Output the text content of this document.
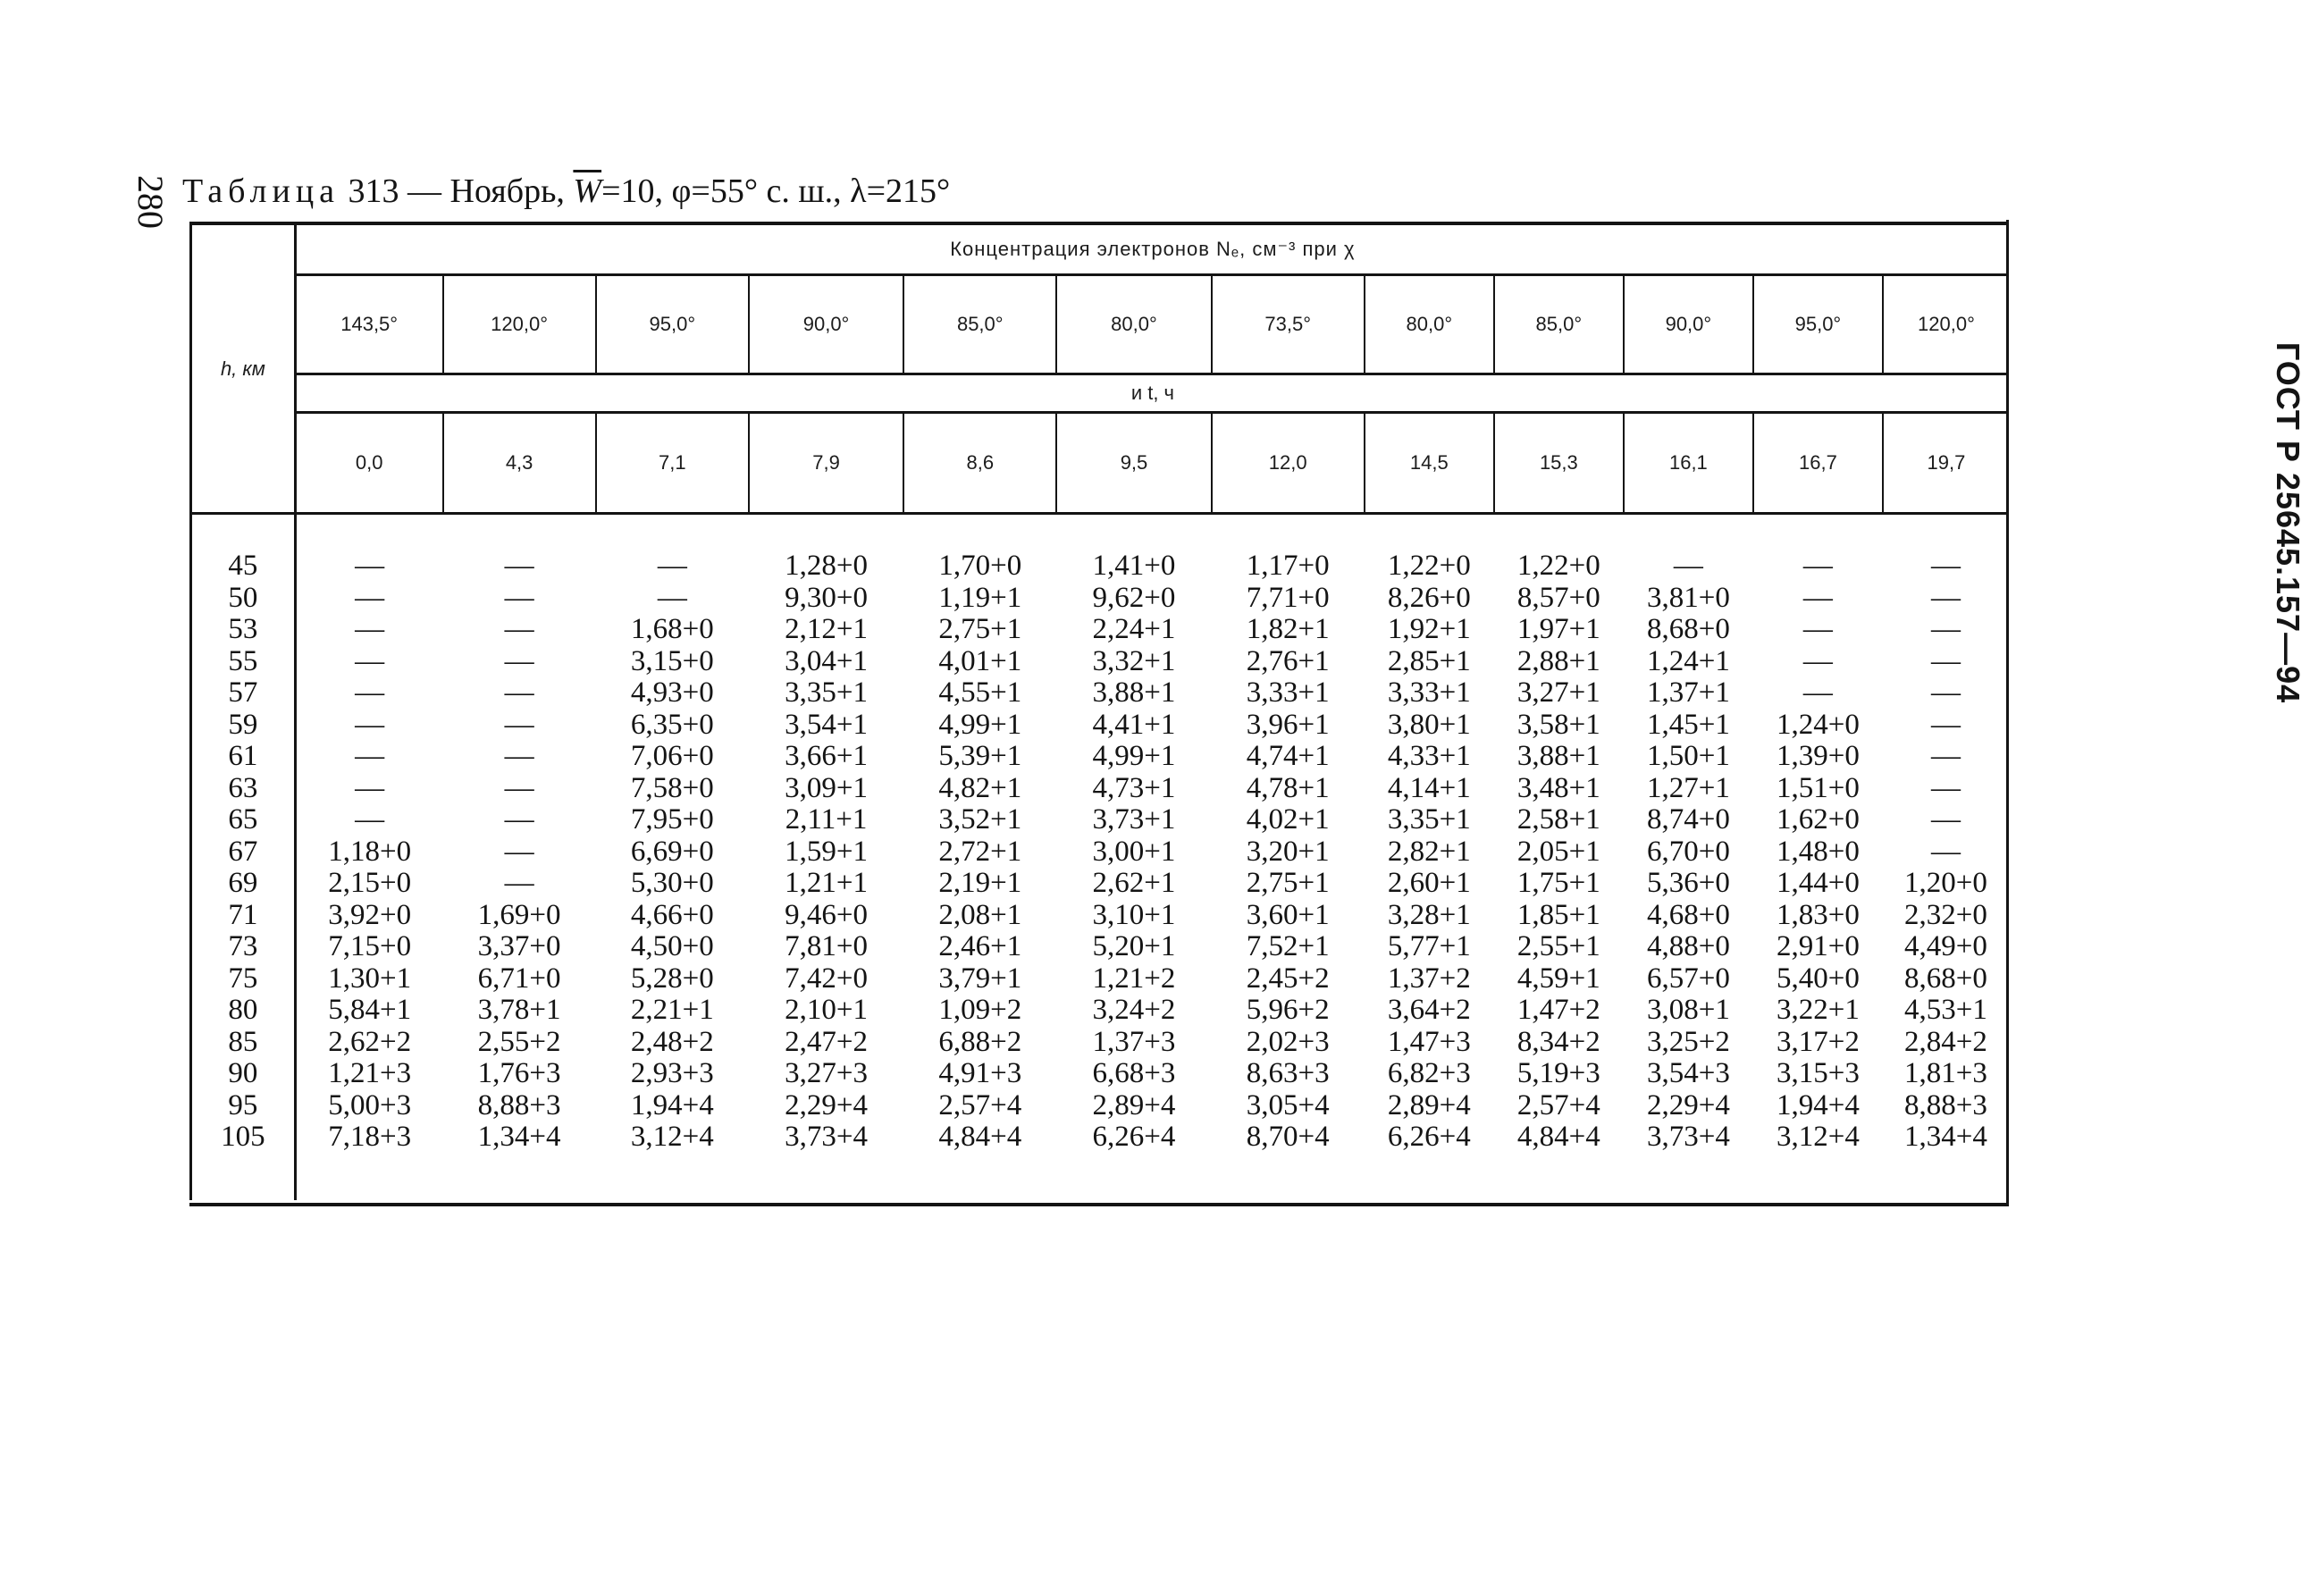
280
ГОСТ Р 25645.157—94
Таблица 313 — Ноябрь, $\overline{W}=10$, φ=55° с. ш., λ=215°
h, км	Концентрация электронов Nₑ, см⁻³ при χ											
	143,5°	120,0°	95,0°	90,0°	85,0°	80,0°	73,5°	80,0°	85,0°	90,0°	95,0°	120,0°
	и t, ч											
	0,0	4,3	7,1	7,9	8,6	9,5	12,0	14,5	15,3	16,1	16,7	19,7

45	—	—	—	1,28+0	1,70+0	1,41+0	1,17+0	1,22+0	1,22+0	—	—	—
50	—	—	—	9,30+0	1,19+1	9,62+0	7,71+0	8,26+0	8,57+0	3,81+0	—	—
53	—	—	1,68+0	2,12+1	2,75+1	2,24+1	1,82+1	1,92+1	1,97+1	8,68+0	—	—
55	—	—	3,15+0	3,04+1	4,01+1	3,32+1	2,76+1	2,85+1	2,88+1	1,24+1	—	—
57	—	—	4,93+0	3,35+1	4,55+1	3,88+1	3,33+1	3,33+1	3,27+1	1,37+1	—	—
59	—	—	6,35+0	3,54+1	4,99+1	4,41+1	3,96+1	3,80+1	3,58+1	1,45+1	1,24+0	—
61	—	—	7,06+0	3,66+1	5,39+1	4,99+1	4,74+1	4,33+1	3,88+1	1,50+1	1,39+0	—
63	—	—	7,58+0	3,09+1	4,82+1	4,73+1	4,78+1	4,14+1	3,48+1	1,27+1	1,51+0	—
65	—	—	7,95+0	2,11+1	3,52+1	3,73+1	4,02+1	3,35+1	2,58+1	8,74+0	1,62+0	—
67	1,18+0	—	6,69+0	1,59+1	2,72+1	3,00+1	3,20+1	2,82+1	2,05+1	6,70+0	1,48+0	—
69	2,15+0	—	5,30+0	1,21+1	2,19+1	2,62+1	2,75+1	2,60+1	1,75+1	5,36+0	1,44+0	1,20+0
71	3,92+0	1,69+0	4,66+0	9,46+0	2,08+1	3,10+1	3,60+1	3,28+1	1,85+1	4,68+0	1,83+0	2,32+0
73	7,15+0	3,37+0	4,50+0	7,81+0	2,46+1	5,20+1	7,52+1	5,77+1	2,55+1	4,88+0	2,91+0	4,49+0
75	1,30+1	6,71+0	5,28+0	7,42+0	3,79+1	1,21+2	2,45+2	1,37+2	4,59+1	6,57+0	5,40+0	8,68+0
80	5,84+1	3,78+1	2,21+1	2,10+1	1,09+2	3,24+2	5,96+2	3,64+2	1,47+2	3,08+1	3,22+1	4,53+1
85	2,62+2	2,55+2	2,48+2	2,47+2	6,88+2	1,37+3	2,02+3	1,47+3	8,34+2	3,25+2	3,17+2	2,84+2
90	1,21+3	1,76+3	2,93+3	3,27+3	4,91+3	6,68+3	8,63+3	6,82+3	5,19+3	3,54+3	3,15+3	1,81+3
95	5,00+3	8,88+3	1,94+4	2,29+4	2,57+4	2,89+4	3,05+4	2,89+4	2,57+4	2,29+4	1,94+4	8,88+3
105	7,18+3	1,34+4	3,12+4	3,73+4	4,84+4	6,26+4	8,70+4	6,26+4	4,84+4	3,73+4	3,12+4	1,34+4
